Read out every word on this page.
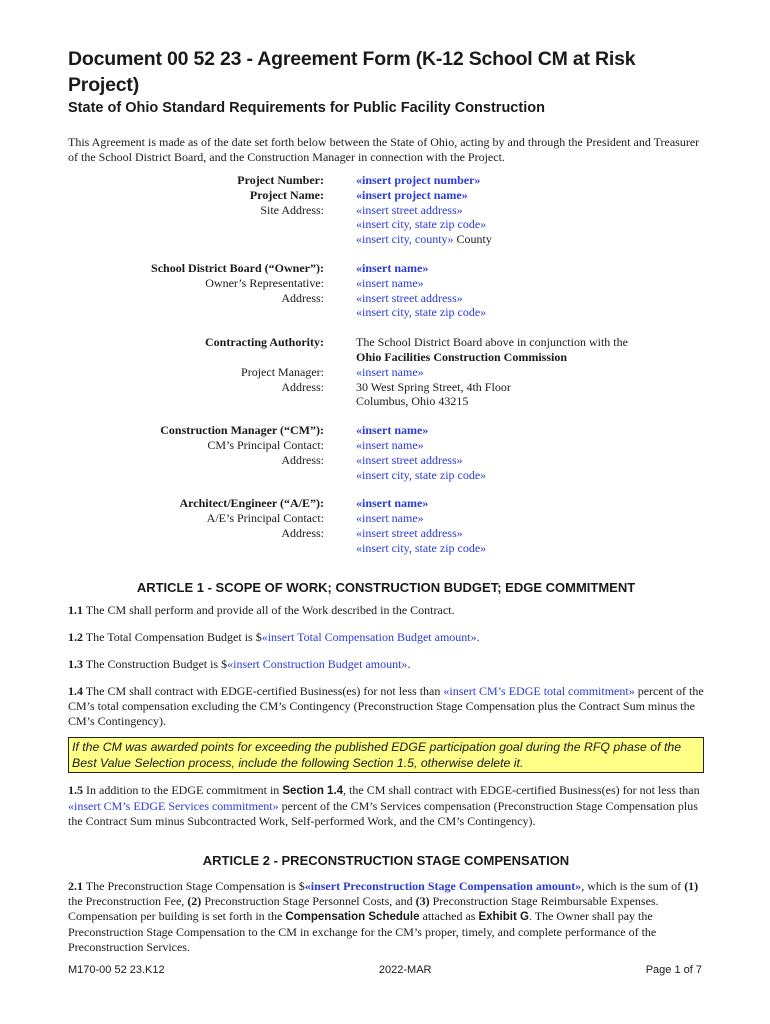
Document 00 52 23 - Agreement Form (K-12 School CM at Risk Project)
State of Ohio Standard Requirements for Public Facility Construction
This Agreement is made as of the date set forth below between the State of Ohio, acting by and through the President and Treasurer of the School District Board, and the Construction Manager in connection with the Project.
Project Number:
Project Name:
Site Address:
«insert project number»
«insert project name»
«insert street address»
«insert city, state zip code»
«insert city, county» County
School District Board (“Owner”):
Owner’s Representative:
Address:
«insert name»
«insert name»
«insert street address»
«insert city, state zip code»
Contracting Authority:

Project Manager:
Address:
The School District Board above in conjunction with the
Ohio Facilities Construction Commission
«insert name»
30 West Spring Street, 4th Floor
Columbus, Ohio 43215
Construction Manager (“CM”):
CM’s Principal Contact:
Address:
«insert name»
«insert name»
«insert street address»
«insert city, state zip code»
Architect/Engineer (“A/E”):
A/E’s Principal Contact:
Address:
«insert name»
«insert name»
«insert street address»
«insert city, state zip code»
ARTICLE 1 - SCOPE OF WORK; CONSTRUCTION BUDGET; EDGE COMMITMENT

1.1 The CM shall perform and provide all of the Work described in the Contract.

1.2 The Total Compensation Budget is $«insert Total Compensation Budget amount».

1.3 The Construction Budget is $«insert Construction Budget amount».

1.4 The CM shall contract with EDGE-certified Business(es) for not less than «insert CM’s EDGE total commitment» percent of the CM’s total compensation excluding the CM’s Contingency (Preconstruction Stage Compensation plus the Contract Sum minus the CM’s Contingency).

If the CM was awarded points for exceeding the published EDGE participation goal during the RFQ phase of the Best Value Selection process, include the following Section 1.5, otherwise delete it.

1.5 In addition to the EDGE commitment in Section 1.4, the CM shall contract with EDGE-certified Business(es) for not less than «insert CM’s EDGE Services commitment» percent of the CM’s Services compensation (Preconstruction Stage Compensation plus the Contract Sum minus Subcontracted Work, Self-performed Work, and the CM’s Contingency).

ARTICLE 2 - PRECONSTRUCTION STAGE COMPENSATION

2.1 The Preconstruction Stage Compensation is $«insert Preconstruction Stage Compensation amount», which is the sum of (1) the Preconstruction Fee, (2) Preconstruction Stage Personnel Costs, and (3) Preconstruction Stage Reimbursable Expenses. Compensation per building is set forth in the Compensation Schedule attached as Exhibit G. The Owner shall pay the Preconstruction Stage Compensation to the CM in exchange for the CM’s proper, timely, and complete performance of the Preconstruction Services.

M170-00 52 23.K12	2022-MAR	Page 1 of 7
